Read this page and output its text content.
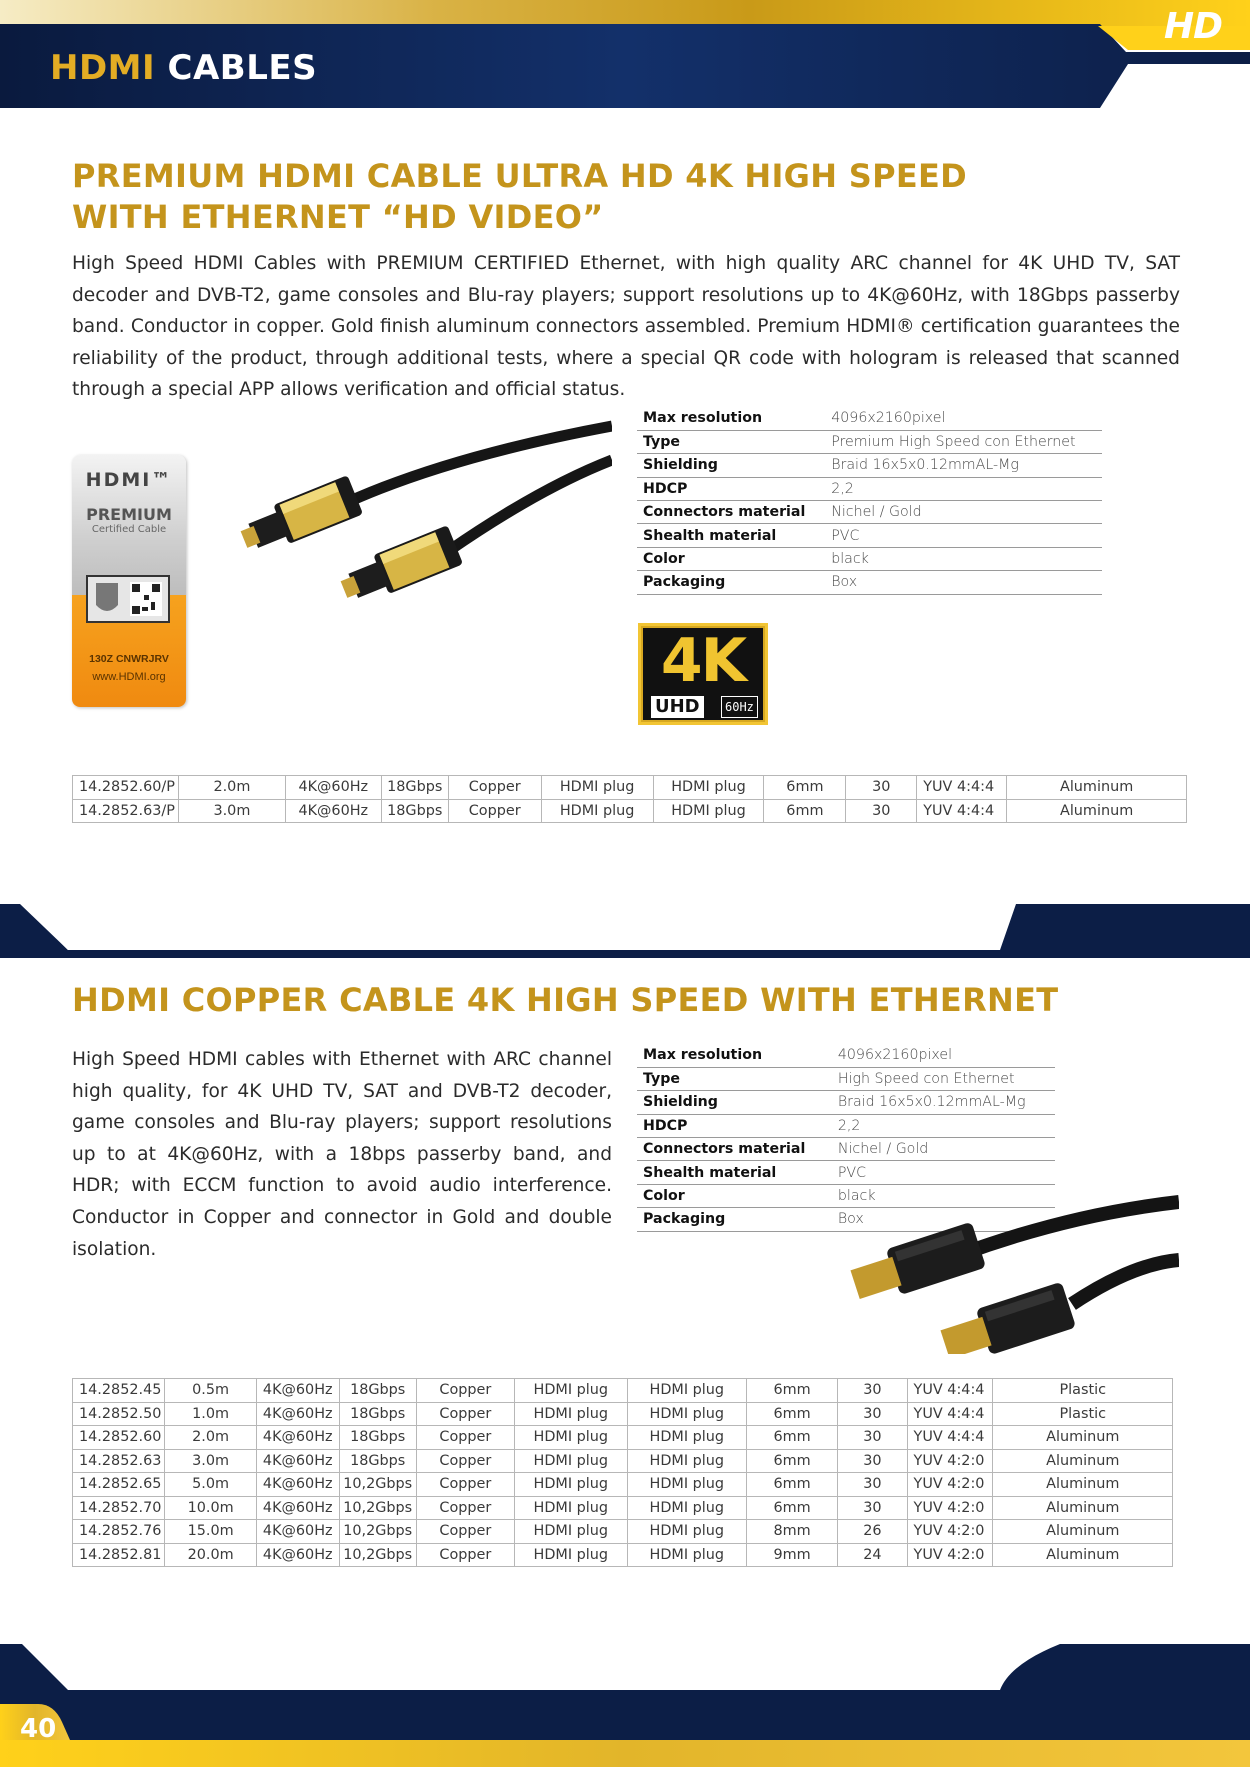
HD
HDMI CABLES
PREMIUM HDMI CABLE ULTRA HD 4K HIGH SPEED
WITH ETHERNET “HD VIDEO”
High Speed HDMI Cables with PREMIUM CERTIFIED Ethernet, with high quality ARC channel for 4K UHD TV, SAT decoder and DVB-T2, game consoles and Blu-ray players; support resolutions up to 4K@60Hz, with 18Gbps passerby band. Conductor in copper. Gold finish aluminum connectors assembled. Premium HDMI® certification guarantees the reliability of the product, through additional tests, where a special QR code with hologram is released that scanned through a special APP allows verification and official status.
HDMI™
PREMIUM
Certified Cable
130Z CNWRJRV
www.HDMI.org
Max resolution	4096x2160pixel
Type	Premium High Speed con Ethernet
Shielding	Braid 16x5x0.12mmAL-Mg
HDCP	2,2
Connectors material	Nichel / Gold
Shealth material	PVC
Color	black
Packaging	Box
4K
UHD	60Hz
14.2852.60/P	2.0m	4K@60Hz	18Gbps	Copper	HDMI plug	HDMI plug	6mm	30	YUV 4:4:4	Aluminum
14.2852.63/P	3.0m	4K@60Hz	18Gbps	Copper	HDMI plug	HDMI plug	6mm	30	YUV 4:4:4	Aluminum
HDMI COPPER CABLE 4K HIGH SPEED WITH ETHERNET
High Speed HDMI cables with Ethernet with ARC channel high quality, for 4K UHD TV, SAT and DVB-T2 decoder, game consoles and Blu-ray players; support resolutions up to at 4K@60Hz, with a 18bps passerby band, and HDR; with ECCM function to avoid audio interference. Conductor in Copper and connector in Gold and double isolation.
Max resolution	4096x2160pixel
Type	High Speed con Ethernet
Shielding	Braid 16x5x0.12mmAL-Mg
HDCP	2,2
Connectors material	Nichel / Gold
Shealth material	PVC
Color	black
Packaging	Box
14.2852.45	0.5m	4K@60Hz	18Gbps	Copper	HDMI plug	HDMI plug	6mm	30	YUV 4:4:4	Plastic
14.2852.50	1.0m	4K@60Hz	18Gbps	Copper	HDMI plug	HDMI plug	6mm	30	YUV 4:4:4	Plastic
14.2852.60	2.0m	4K@60Hz	18Gbps	Copper	HDMI plug	HDMI plug	6mm	30	YUV 4:4:4	Aluminum
14.2852.63	3.0m	4K@60Hz	18Gbps	Copper	HDMI plug	HDMI plug	6mm	30	YUV 4:2:0	Aluminum
14.2852.65	5.0m	4K@60Hz	10,2Gbps	Copper	HDMI plug	HDMI plug	6mm	30	YUV 4:2:0	Aluminum
14.2852.70	10.0m	4K@60Hz	10,2Gbps	Copper	HDMI plug	HDMI plug	6mm	30	YUV 4:2:0	Aluminum
14.2852.76	15.0m	4K@60Hz	10,2Gbps	Copper	HDMI plug	HDMI plug	8mm	26	YUV 4:2:0	Aluminum
14.2852.81	20.0m	4K@60Hz	10,2Gbps	Copper	HDMI plug	HDMI plug	9mm	24	YUV 4:2:0	Aluminum
40
